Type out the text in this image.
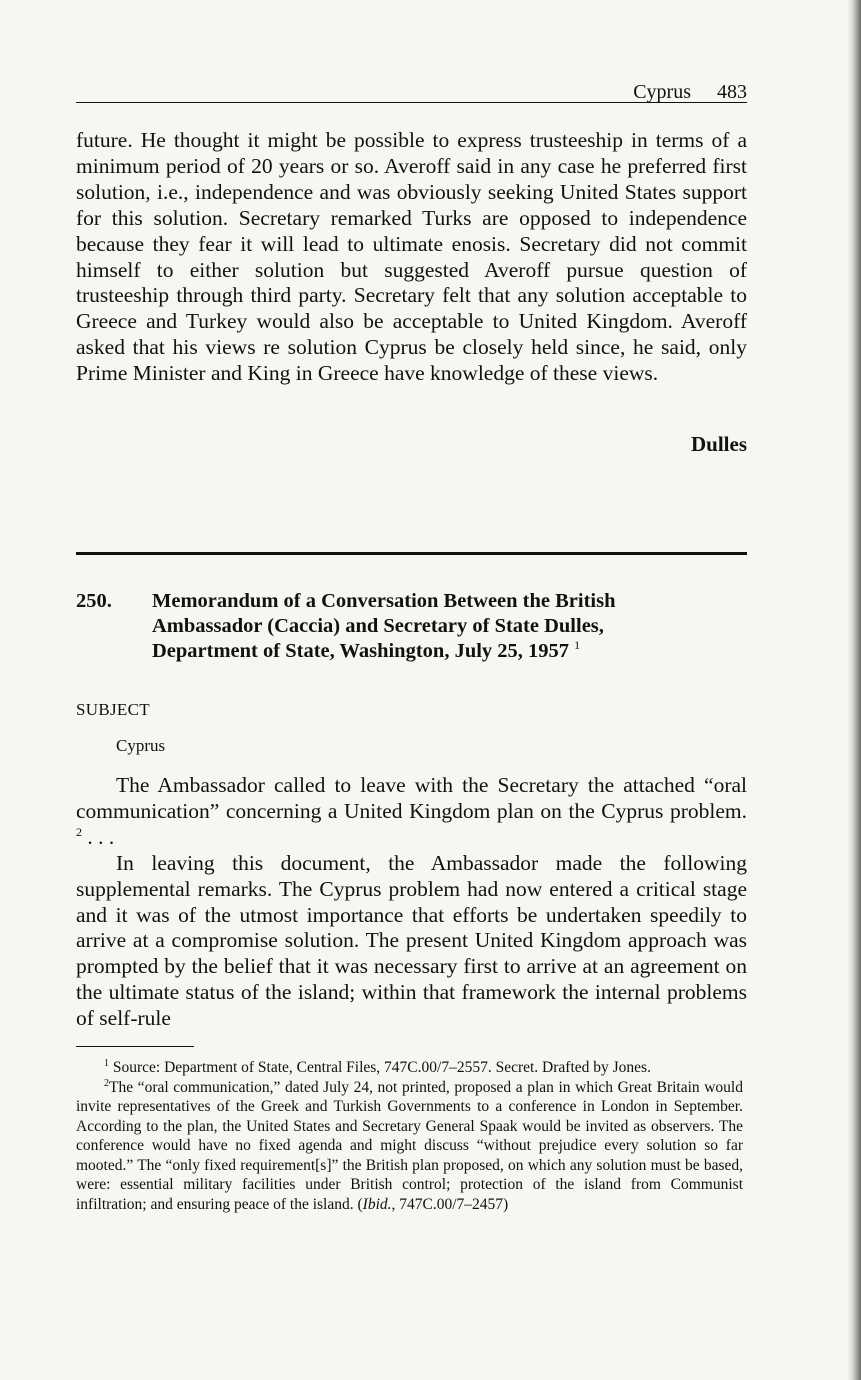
Cyprus 483

future. He thought it might be possible to express trusteeship in terms of a minimum period of 20 years or so. Averoff said in any case he preferred first solution, i.e., independence and was obviously seeking United States support for this solution. Secretary remarked Turks are opposed to independence because they fear it will lead to ultimate enosis. Secretary did not commit himself to either solution but suggested Averoff pursue question of trusteeship through third party. Secretary felt that any solution acceptable to Greece and Turkey would also be acceptable to United Kingdom. Averoff asked that his views re solution Cyprus be closely held since, he said, only Prime Minister and King in Greece have knowledge of these views.

Dulles
250. Memorandum of a Conversation Between the British
Ambassador (Caccia) and Secretary of State Dulles,
Department of State, Washington, July 25, 1957 $^1$
SUBJECT
Cyprus

The Ambassador called to leave with the Secretary the attached “oral communication” concerning a United Kingdom plan on the Cyprus problem. $^2$ . . .

In leaving this document, the Ambassador made the following supplemental remarks. The Cyprus problem had now entered a critical stage and it was of the utmost importance that efforts be undertaken speedily to arrive at a compromise solution. The present United Kingdom approach was prompted by the belief that it was necessary first to arrive at an agreement on the ultimate status of the island; within that framework the internal problems of self-rule

$^1$ Source: Department of State, Central Files, 747C.00/7–2557. Secret. Drafted by Jones.

$^2$The “oral communication,” dated July 24, not printed, proposed a plan in which Great Britain would invite representatives of the Greek and Turkish Governments to a conference in London in September. According to the plan, the United States and Secretary General Spaak would be invited as observers. The conference would have no fixed agenda and might discuss “without prejudice every solution so far mooted.” The “only fixed requirement[s]” the British plan proposed, on which any solution must be based, were: essential military facilities under British control; protection of the island from Communist infiltration; and ensuring peace of the island. (Ibid., 747C.00/7–2457)
